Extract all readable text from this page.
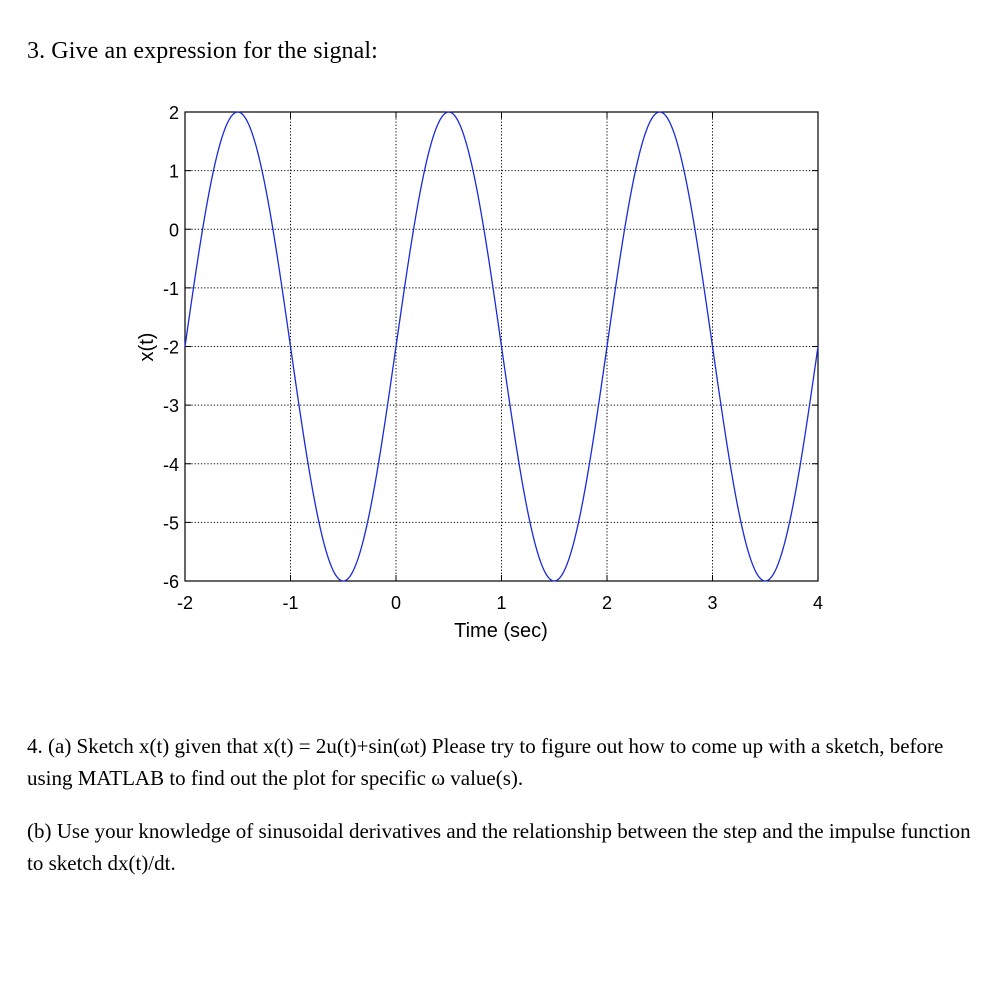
3. Give an expression for the signal:
-2	-1	0	1	2	3	4
2
1
0
-1
-2
-3
-4
-5
-6
Time (sec)
x(t)
4. (a) Sketch x(t) given that x(t) = 2u(t)+sin(ωt) Please try to figure out how to come up with a sketch, before using MATLAB to find out the plot for specific ω value(s).
(b) Use your knowledge of sinusoidal derivatives and the relationship between the step and the impulse function to sketch dx(t)/dt.
